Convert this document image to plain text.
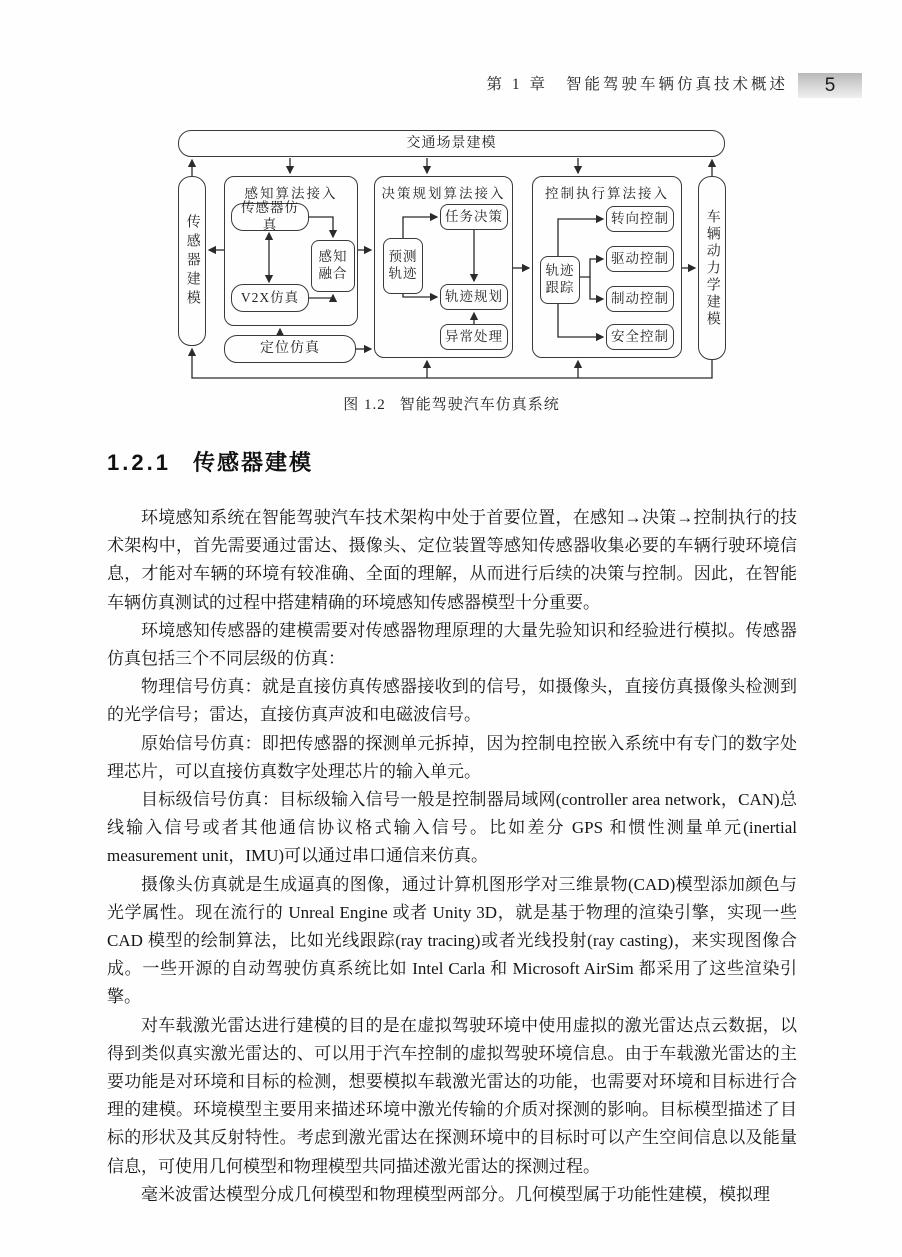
第 1 章 智能驾驶车辆仿真技术概述 5
交通场景建模
传感器建模
感知算法接入
传感器仿真
感知融合
V2X仿真
定位仿真
决策规划算法接入
任务决策
预测轨迹
轨迹规划
异常处理
控制执行算法接入
轨迹跟踪
转向控制
驱动控制
制动控制
安全控制
车辆动力学建模
图 1.2 智能驾驶汽车仿真系统
1.2.1 传感器建模

环境感知系统在智能驾驶汽车技术架构中处于首要位置，在感知→决策→控制执行的技术架构中，首先需要通过雷达、摄像头、定位装置等感知传感器收集必要的车辆行驶环境信息，才能对车辆的环境有较准确、全面的理解，从而进行后续的决策与控制。因此，在智能车辆仿真测试的过程中搭建精确的环境感知传感器模型十分重要。

环境感知传感器的建模需要对传感器物理原理的大量先验知识和经验进行模拟。传感器仿真包括三个不同层级的仿真：

物理信号仿真：就是直接仿真传感器接收到的信号，如摄像头，直接仿真摄像头检测到的光学信号；雷达，直接仿真声波和电磁波信号。

原始信号仿真：即把传感器的探测单元拆掉，因为控制电控嵌入系统中有专门的数字处理芯片，可以直接仿真数字处理芯片的输入单元。

目标级信号仿真：目标级输入信号一般是控制器局域网(controller area network，CAN)总线输入信号或者其他通信协议格式输入信号。比如差分 GPS 和惯性测量单元(inertial measurement unit，IMU)可以通过串口通信来仿真。

摄像头仿真就是生成逼真的图像，通过计算机图形学对三维景物(CAD)模型添加颜色与光学属性。现在流行的 Unreal Engine 或者 Unity 3D，就是基于物理的渲染引擎，实现一些 CAD 模型的绘制算法，比如光线跟踪(ray tracing)或者光线投射(ray casting)，来实现图像合成。一些开源的自动驾驶仿真系统比如 Intel Carla 和 Microsoft AirSim 都采用了这些渲染引擎。

对车载激光雷达进行建模的目的是在虚拟驾驶环境中使用虚拟的激光雷达点云数据，以得到类似真实激光雷达的、可以用于汽车控制的虚拟驾驶环境信息。由于车载激光雷达的主要功能是对环境和目标的检测，想要模拟车载激光雷达的功能，也需要对环境和目标进行合理的建模。环境模型主要用来描述环境中激光传输的介质对探测的影响。目标模型描述了目标的形状及其反射特性。考虑到激光雷达在探测环境中的目标时可以产生空间信息以及能量信息，可使用几何模型和物理模型共同描述激光雷达的探测过程。

毫米波雷达模型分成几何模型和物理模型两部分。几何模型属于功能性建模，模拟理
